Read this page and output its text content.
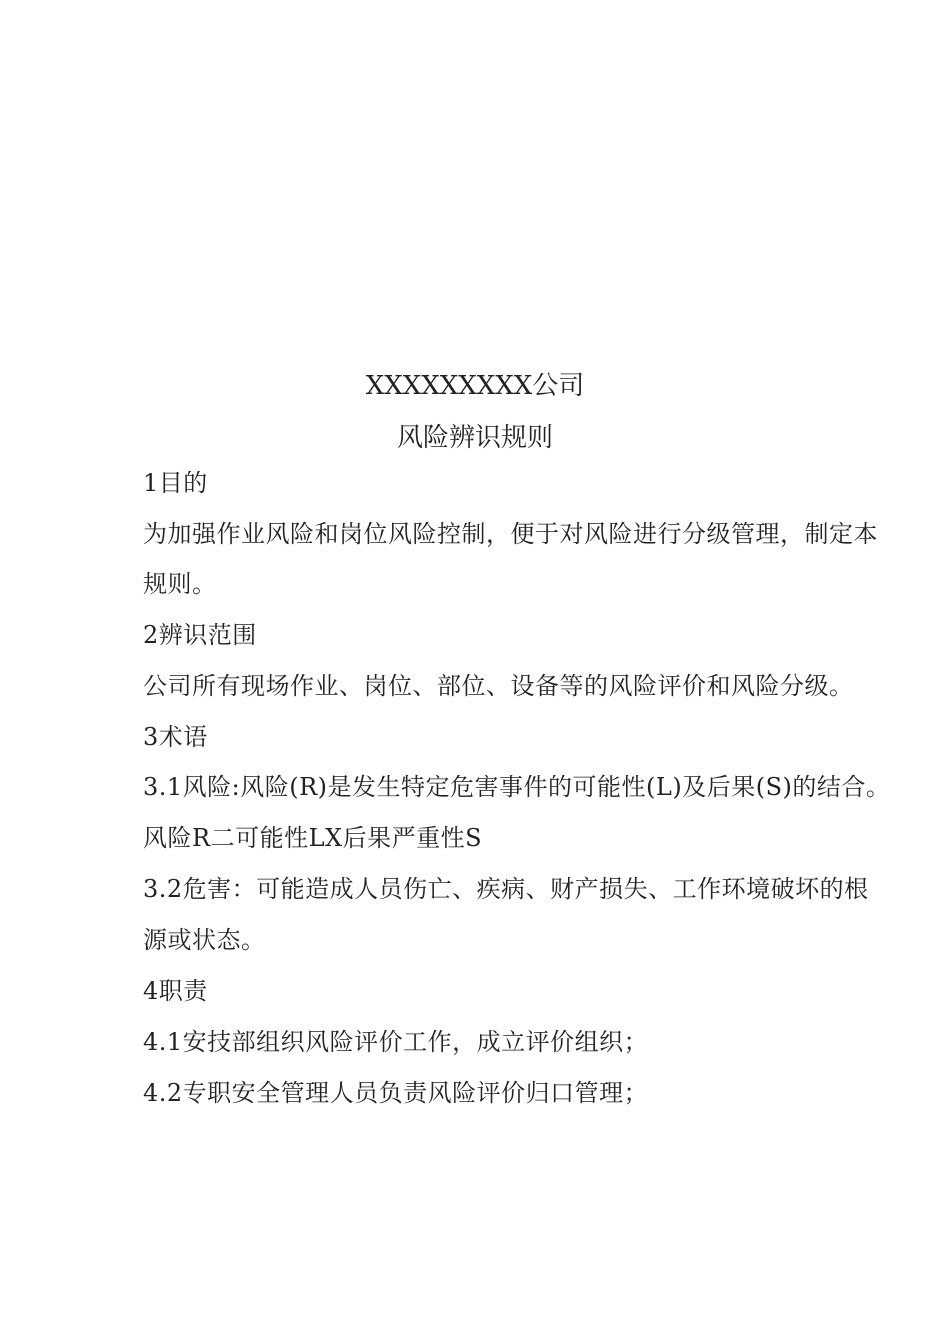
XXXXXXXXX公司
风险辨识规则
1目的
为加强作业风险和岗位风险控制，便于对风险进行分级管理，制定本
规则。
2辨识范围
公司所有现场作业、岗位、部位、设备等的风险评价和风险分级。
3术语
3.1风险:风险(R)是发生特定危害事件的可能性(L)及后果(S)的结合。
风险R二可能性LX后果严重性S
3.2危害：可能造成人员伤亡、疾病、财产损失、工作环境破坏的根
源或状态。
4职责
4.1安技部组织风险评价工作，成立评价组织；
4.2专职安全管理人员负责风险评价归口管理；
